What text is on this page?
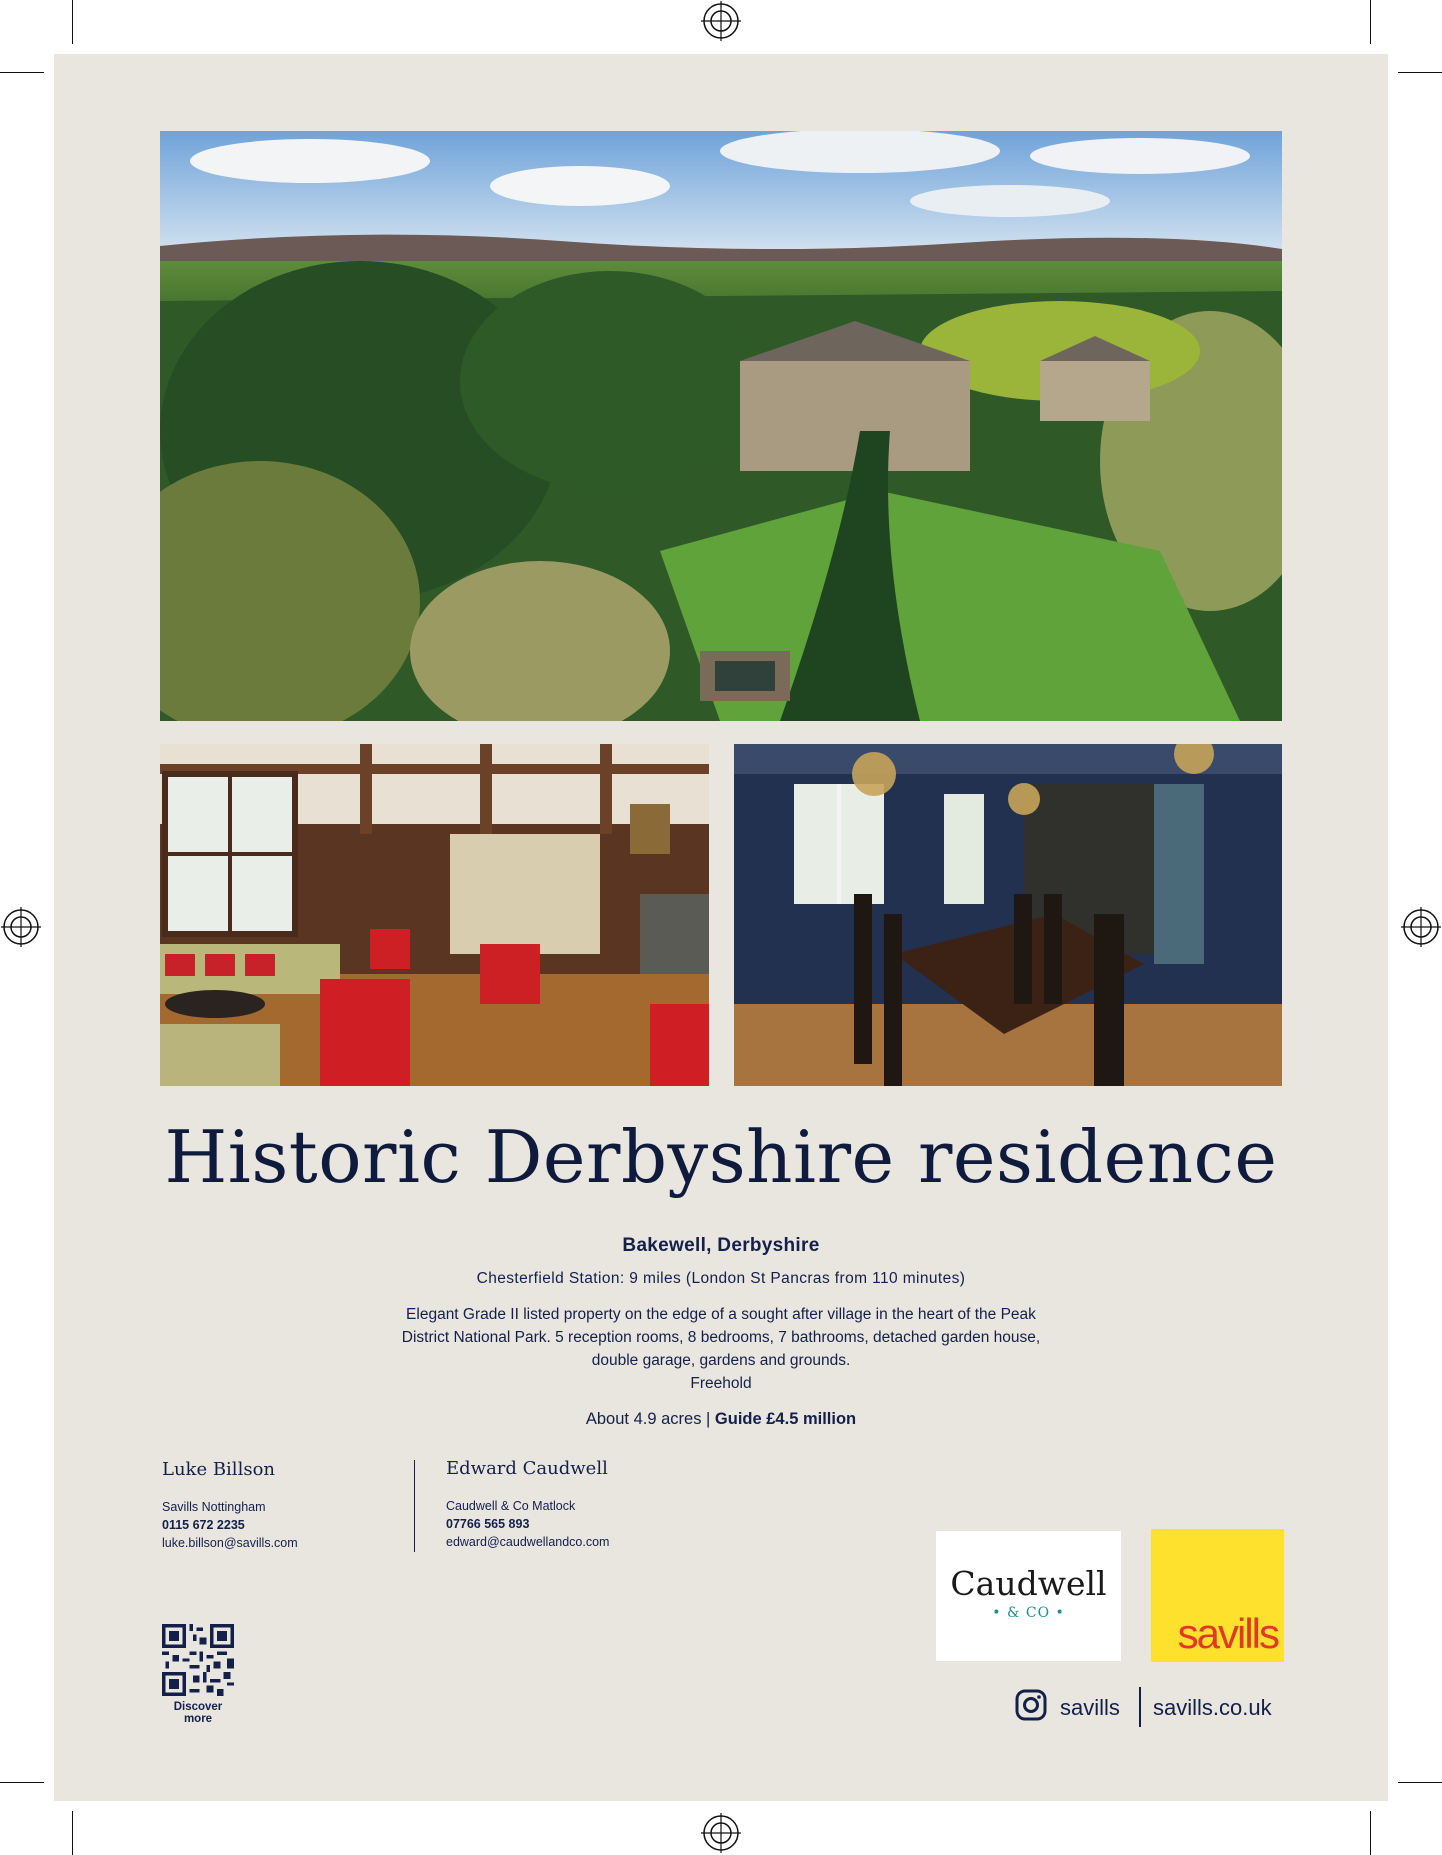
Historic Derbyshire residence
Bakewell, Derbyshire
Chesterfield Station: 9 miles (London St Pancras from 110 minutes)
Elegant Grade II listed property on the edge of a sought after village in the heart of the Peak
District National Park. 5 reception rooms, 8 bedrooms, 7 bathrooms, detached garden house,
double garage, gardens and grounds.
Freehold
About 4.9 acres | Guide £4.5 million
Luke Billson
Savills Nottingham
0115 672 2235
luke.billson@savills.com
Edward Caudwell
Caudwell & Co Matlock
07766 565 893
edward@caudwellandco.com
Discover
more
Caudwell
• & CO •	savills
savills savills.co.uk
